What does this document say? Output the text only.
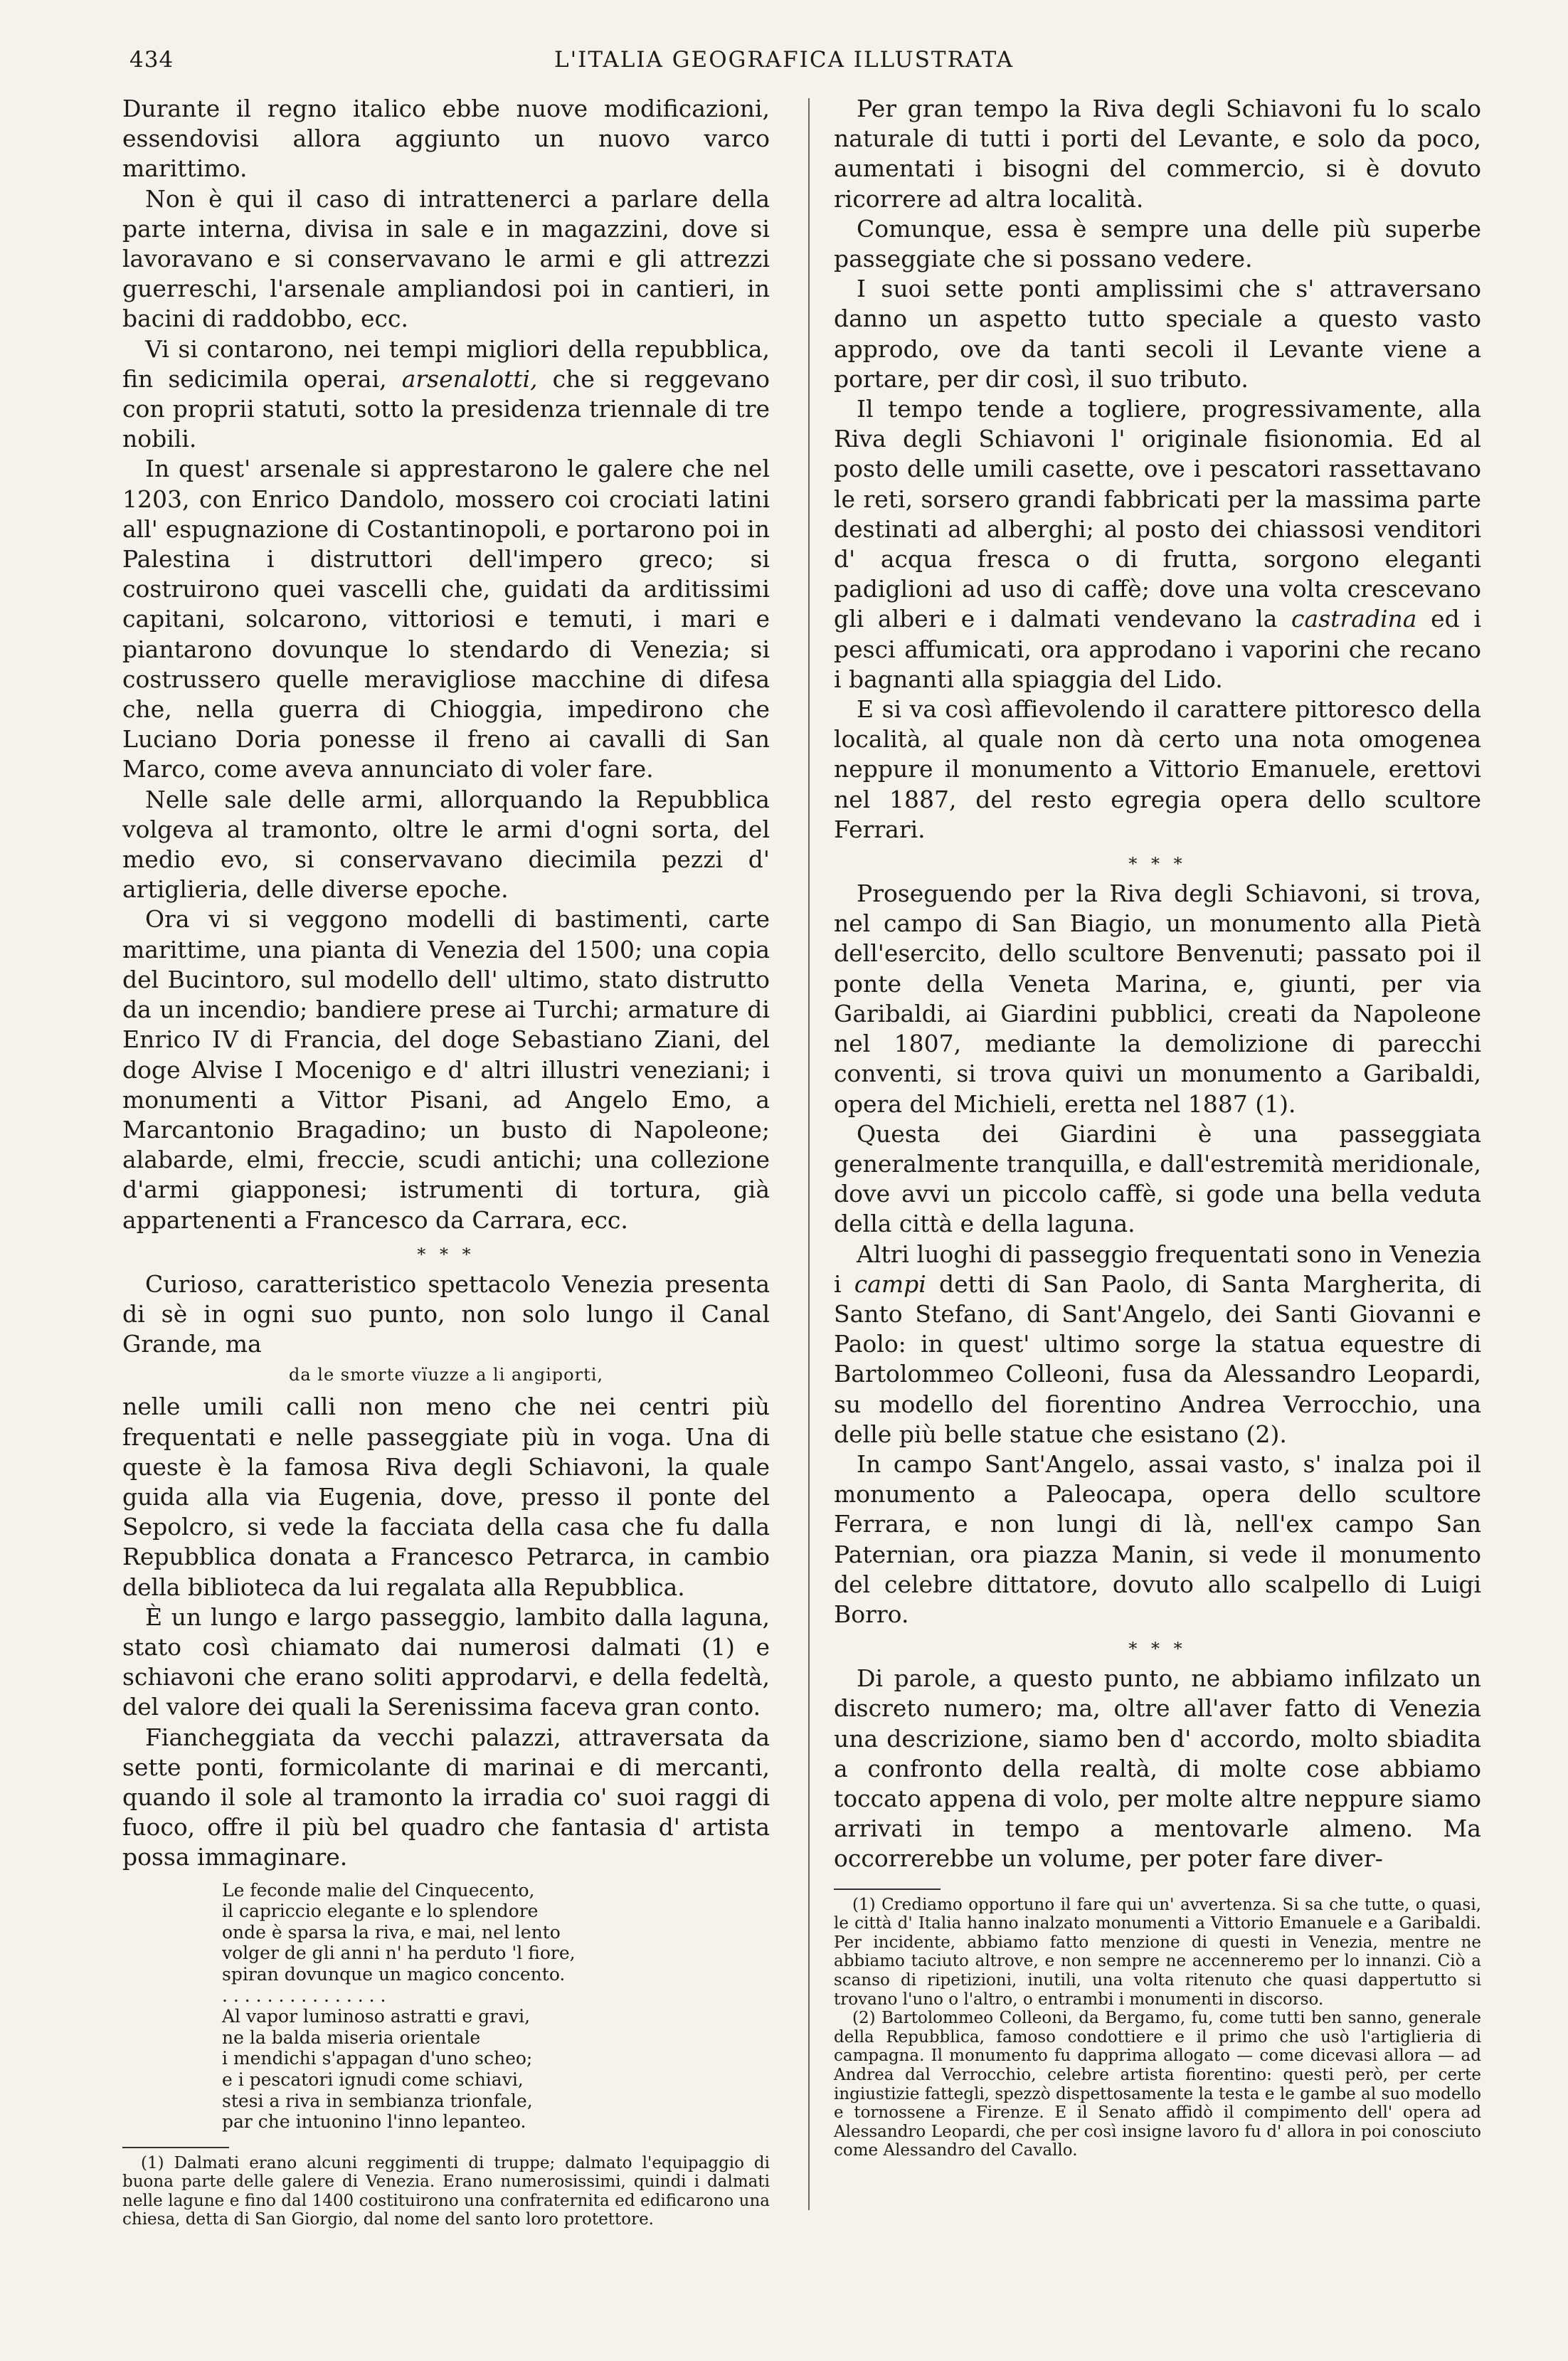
434	L'ITALIA GEOGRAFICA ILLUSTRATA

Durante il regno italico ebbe nuove modificazioni, essendovisi allora aggiunto un nuovo varco marittimo.

Non è qui il caso di intrattenerci a parlare della parte interna, divisa in sale e in magazzini, dove si lavoravano e si conservavano le armi e gli attrezzi guerreschi, l'arsenale ampliandosi poi in cantieri, in bacini di raddobbo, ecc.

Vi si contarono, nei tempi migliori della repubblica, fin sedicimila operai, arsenalotti, che si reggevano con proprii statuti, sotto la presidenza triennale di tre nobili.

In quest' arsenale si apprestarono le galere che nel 1203, con Enrico Dandolo, mossero coi crociati latini all' espugnazione di Costantinopoli, e portarono poi in Palestina i distruttori dell'impero greco; si costruirono quei vascelli che, guidati da arditissimi capitani, solcarono, vittoriosi e temuti, i mari e piantarono dovunque lo stendardo di Venezia; si costrussero quelle meravigliose macchine di difesa che, nella guerra di Chioggia, impedirono che Luciano Doria ponesse il freno ai cavalli di San Marco, come aveva annunciato di voler fare.

Nelle sale delle armi, allorquando la Repubblica volgeva al tramonto, oltre le armi d'ogni sorta, del medio evo, si conservavano diecimila pezzi d' artiglieria, delle diverse epoche.

Ora vi si veggono modelli di bastimenti, carte marittime, una pianta di Venezia del 1500; una copia del Bucintoro, sul modello dell' ultimo, stato distrutto da un incendio; bandiere prese ai Turchi; armature di Enrico IV di Francia, del doge Sebastiano Ziani, del doge Alvise I Mocenigo e d' altri illustri veneziani; i monumenti a Vittor Pisani, ad Angelo Emo, a Marcantonio Bragadino; un busto di Napoleone; alabarde, elmi, freccie, scudi antichi; una collezione d'armi giapponesi; istrumenti di tortura, già appartenenti a Francesco da Carrara, ecc.

* * *

Curioso, caratteristico spettacolo Venezia presenta di sè in ogni suo punto, non solo lungo il Canal Grande, ma

da le smorte vïuzze a li angiporti,

nelle umili calli non meno che nei centri più frequentati e nelle passeggiate più in voga. Una di queste è la famosa Riva degli Schiavoni, la quale guida alla via Eugenia, dove, presso il ponte del Sepolcro, si vede la facciata della casa che fu dalla Repubblica donata a Francesco Petrarca, in cambio della biblioteca da lui regalata alla Repubblica.

È un lungo e largo passeggio, lambito dalla laguna, stato così chiamato dai numerosi dalmati (1) e schiavoni che erano soliti approdarvi, e della fedeltà, del valore dei quali la Serenissima faceva gran conto.

Fiancheggiata da vecchi palazzi, attraversata da sette ponti, formicolante di marinai e di mercanti, quando il sole al tramonto la irradia co' suoi raggi di fuoco, offre il più bel quadro che fantasia d' artista possa immaginare.

Le feconde malie del Cinquecento,
il capriccio elegante e lo splendore
onde è sparsa la riva, e mai, nel lento
volger de gli anni n' ha perduto 'l fiore,
spiran dovunque un magico concento.
. . . . . . . . . . . . . . .
Al vapor luminoso astratti e gravi,
ne la balda miseria orientale
i mendichi s'appagan d'uno scheo;
e i pescatori ignudi come schiavi,
stesi a riva in sembianza trionfale,
par che intuonino l'inno lepanteo.

(1) Dalmati erano alcuni reggimenti di truppe; dalmato l'equipaggio di buona parte delle galere di Venezia. Erano numerosissimi, quindi i dalmati nelle lagune e fino dal 1400 costituirono una confraternita ed edificarono una chiesa, detta di San Giorgio, dal nome del santo loro protettore.

Per gran tempo la Riva degli Schiavoni fu lo scalo naturale di tutti i porti del Levante, e solo da poco, aumentati i bisogni del commercio, si è dovuto ricorrere ad altra località.

Comunque, essa è sempre una delle più superbe passeggiate che si possano vedere.

I suoi sette ponti amplissimi che s' attraversano danno un aspetto tutto speciale a questo vasto approdo, ove da tanti secoli il Levante viene a portare, per dir così, il suo tributo.

Il tempo tende a togliere, progressivamente, alla Riva degli Schiavoni l' originale fisionomia. Ed al posto delle umili casette, ove i pescatori rassettavano le reti, sorsero grandi fabbricati per la massima parte destinati ad alberghi; al posto dei chiassosi venditori d' acqua fresca o di frutta, sorgono eleganti padiglioni ad uso di caffè; dove una volta crescevano gli alberi e i dalmati vendevano la castradina ed i pesci affumicati, ora approdano i vaporini che recano i bagnanti alla spiaggia del Lido.

E si va così affievolendo il carattere pittoresco della località, al quale non dà certo una nota omogenea neppure il monumento a Vittorio Emanuele, erettovi nel 1887, del resto egregia opera dello scultore Ferrari.

* * *

Proseguendo per la Riva degli Schiavoni, si trova, nel campo di San Biagio, un monumento alla Pietà dell'esercito, dello scultore Benvenuti; passato poi il ponte della Veneta Marina, e, giunti, per via Garibaldi, ai Giardini pubblici, creati da Napoleone nel 1807, mediante la demolizione di parecchi conventi, si trova quivi un monumento a Garibaldi, opera del Michieli, eretta nel 1887 (1).

Questa dei Giardini è una passeggiata generalmente tranquilla, e dall'estremità meridionale, dove avvi un piccolo caffè, si gode una bella veduta della città e della laguna.

Altri luoghi di passeggio frequentati sono in Venezia i campi detti di San Paolo, di Santa Margherita, di Santo Stefano, di Sant'Angelo, dei Santi Giovanni e Paolo: in quest' ultimo sorge la statua equestre di Bartolommeo Colleoni, fusa da Alessandro Leopardi, su modello del fiorentino Andrea Verrocchio, una delle più belle statue che esistano (2).

In campo Sant'Angelo, assai vasto, s' inalza poi il monumento a Paleocapa, opera dello scultore Ferrara, e non lungi di là, nell'ex campo San Paternian, ora piazza Manin, si vede il monumento del celebre dittatore, dovuto allo scalpello di Luigi Borro.

* * *

Di parole, a questo punto, ne abbiamo infilzato un discreto numero; ma, oltre all'aver fatto di Venezia una descrizione, siamo ben d' accordo, molto sbiadita a confronto della realtà, di molte cose abbiamo toccato appena di volo, per molte altre neppure siamo arrivati in tempo a mentovarle almeno. Ma occorrerebbe un volume, per poter fare diver-

(1) Crediamo opportuno il fare qui un' avvertenza. Si sa che tutte, o quasi, le città d' Italia hanno inalzato monumenti a Vittorio Emanuele e a Garibaldi. Per incidente, abbiamo fatto menzione di questi in Venezia, mentre ne abbiamo taciuto altrove, e non sempre ne accenneremo per lo innanzi. Ciò a scanso di ripetizioni, inutili, una volta ritenuto che quasi dappertutto si trovano l'uno o l'altro, o entrambi i monumenti in discorso.

(2) Bartolommeo Colleoni, da Bergamo, fu, come tutti ben sanno, generale della Repubblica, famoso condottiere e il primo che usò l'artiglieria di campagna. Il monumento fu dapprima allogato — come dicevasi allora — ad Andrea dal Verrocchio, celebre artista fiorentino: questi però, per certe ingiustizie fattegli, spezzò dispettosamente la testa e le gambe al suo modello e tornossene a Firenze. E il Senato affidò il compimento dell' opera ad Alessandro Leopardi, che per così insigne lavoro fu d' allora in poi conosciuto come Alessandro del Cavallo.
